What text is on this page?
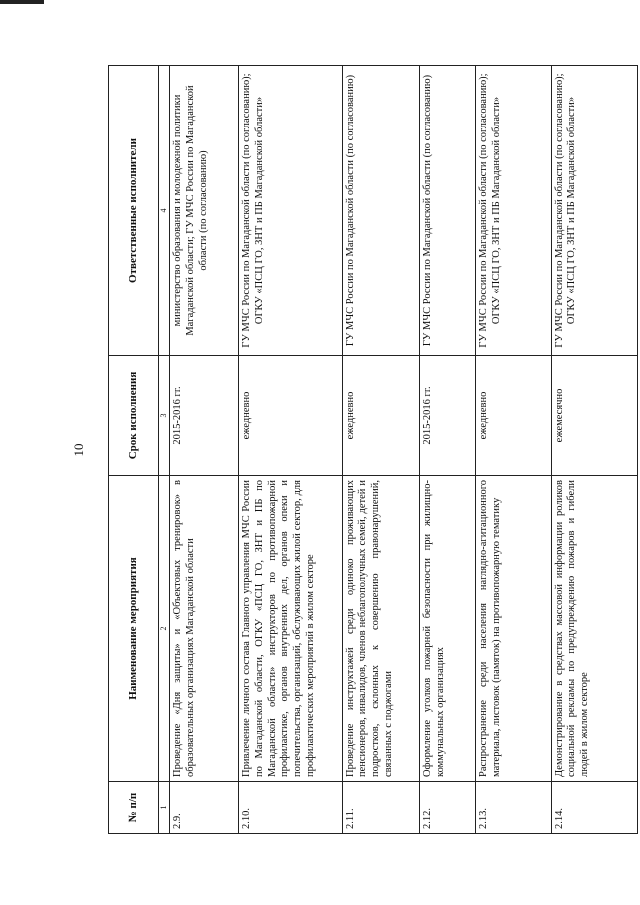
10
№ п/п	Наименование мероприятия	Срок исполнения	Ответственные исполнители
1	2	3	4
2.9.	Проведение «Дня защиты» и «Объектовых тренировок» в образовательных организациях Магаданской области	2015-2016 гг.	министерство образования и молодежной политики Магаданской области; ГУ МЧС России по Магаданской области (по согласованию)
2.10.	Привлечение личного состава Главного управления МЧС России по Магаданской области, ОГКУ «ПСЦ ГО, ЗНТ и ПБ по Магаданской области» инструкторов по противопожарной профилактике, органов внутренних дел, органов опеки и попечительства, организаций, обслуживающих жилой сектор, для профилактических мероприятий в жилом секторе	ежедневно	ГУ МЧС России по Магаданской области (по согласованию); ОГКУ «ПСЦ ГО, ЗНТ и ПБ Магаданской области»
2.11.	Проведение инструктажей среди одиноко проживающих пенсионеров, инвалидов, членов неблагополучных семей, детей и подростков, склонных к совершению правонарушений, связанных с поджогами	ежедневно	ГУ МЧС России по Магаданской области (по согласованию)
2.12.	Оформление уголков пожарной безопасности при жилищно-коммунальных организациях	2015-2016 гг.	ГУ МЧС России по Магаданской области (по согласованию)
2.13.	Распространение среди населения наглядно-агитационного материала, листовок (памяток) на противопожарную тематику	ежедневно	ГУ МЧС России по Магаданской области (по согласованию); ОГКУ «ПСЦ ГО, ЗНТ и ПБ Магаданской области»
2.14.	Демонстрирование в средствах массовой информации роликов социальной рекламы по предупреждению пожаров и гибели людей в жилом секторе	ежемесячно	ГУ МЧС России по Магаданской области (по согласованию); ОГКУ «ПСЦ ГО, ЗНТ и ПБ Магаданской области»
